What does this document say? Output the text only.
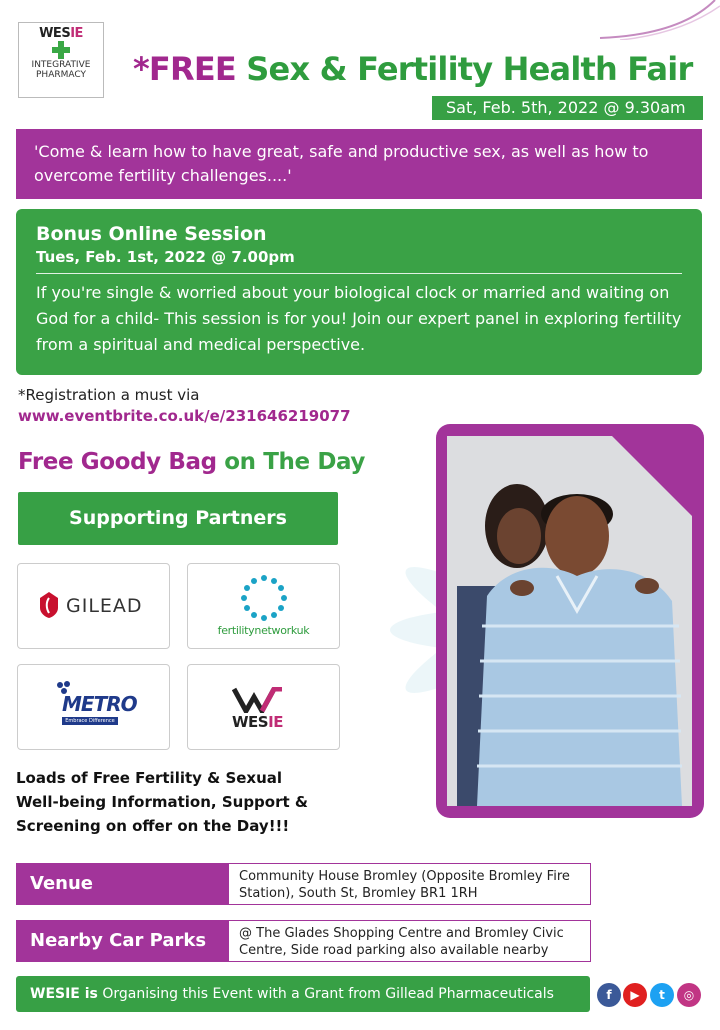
WESIE
INTEGRATIVE
PHARMACY	*FREE Sex & Fertility Health Fair
Sat, Feb. 5th, 2022 @ 9.30am
'Come & learn how to have great, safe and productive sex, as well as how to overcome fertility challenges....'
Bonus Online Session
Tues, Feb. 1st, 2022 @ 7.00pm
If you're single & worried about your biological clock or married and waiting on God for a child- This session is for you! Join our expert panel in exploring fertility from a spiritual and medical perspective.
*Registration a must via
www.eventbrite.co.uk/e/231646219077
Free Goody Bag on The Day
Supporting Partners
GILEAD
fertilitynetworkuk
METRO
Embrace Difference	WESIE
Loads of Free Fertility & Sexual
Well-being Information, Support &
Screening on offer on the Day!!!
Venue	Community House Bromley (Opposite Bromley Fire Station), South St, Bromley BR1 1RH
Nearby Car Parks	@ The Glades Shopping Centre and Bromley Civic Centre, Side road parking also available nearby
WESIE is Organising this Event with a Grant from Gillead Pharmaceuticals	f	▶	t	◎
